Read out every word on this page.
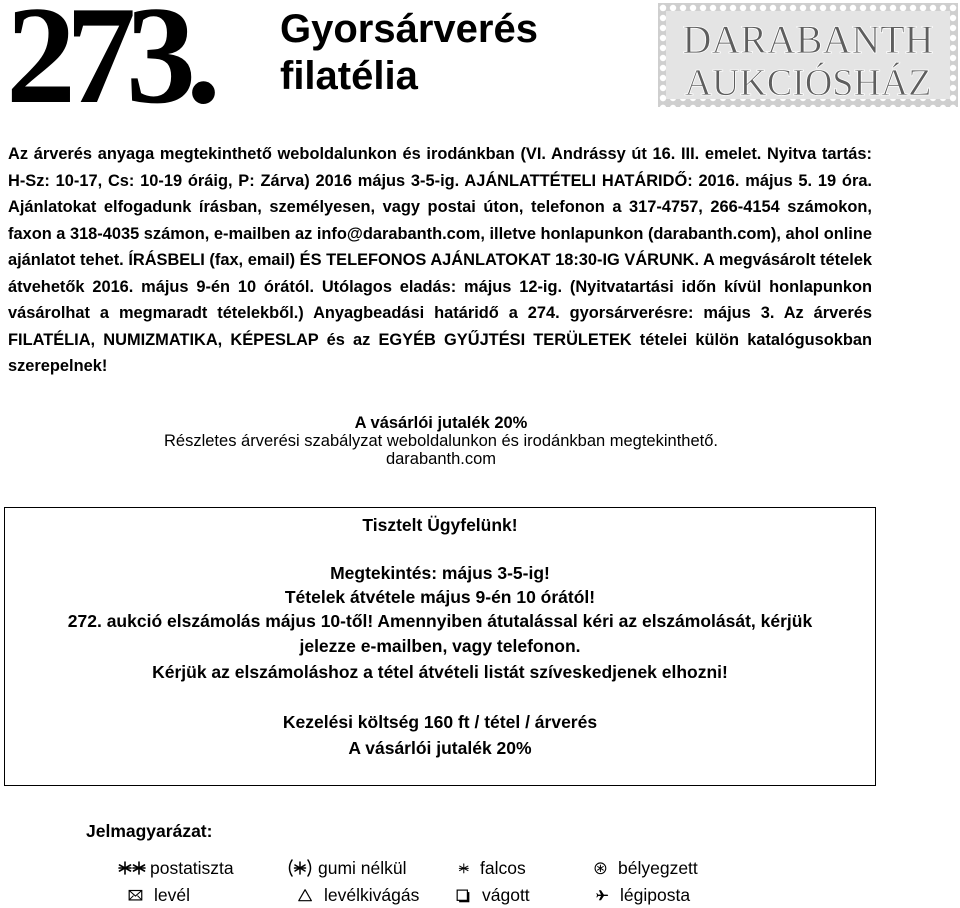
273. Gyorsárverés
filatélia
DARABANTH
AUKCIÓSHÁZ
Az árverés anyaga megtekinthető weboldalunkon és irodánkban (VI. Andrássy út 16. III. emelet. Nyitva tartás: H-Sz: 10-17, Cs: 10-19 óráig, P: Zárva) 2016 május 3-5-ig. AJÁNLATTÉTELI HATÁRIDŐ: 2016. május 5. 19 óra. Ajánlatokat elfogadunk írásban, személyesen, vagy postai úton, telefonon a 317-4757, 266-4154 számokon, faxon a 318-4035 számon, e-mailben az info@darabanth.com, illetve honlapunkon (darabanth.com), ahol online ajánlatot tehet. ÍRÁSBELI (fax, email) ÉS TELEFONOS AJÁNLATOKAT 18:30-IG VÁRUNK. A megvásárolt tételek átvehetők 2016. május 9-én 10 órától. Utólagos eladás: május 12-ig. (Nyitvatartási időn kívül honlapunkon vásárolhat a megmaradt tételekből.) Anyagbeadási határidő a 274. gyorsárverésre: május 3. Az árverés FILATÉLIA, NUMIZMATIKA, KÉPESLAP és az EGYÉB GYŰJTÉSI TERÜLETEK tételei külön katalógusokban szerepelnek!
A vásárlói jutalék 20%
Részletes árverési szabályzat weboldalunkon és irodánkban megtekinthető.
darabanth.com
Tisztelt Ügyfelünk!
Megtekintés: május 3-5-ig!
Tételek átvétele május 9-én 10 órától!
272. aukció elszámolás május 10-től! Amennyiben átutalással kéri az elszámolását, kérjük
jelezze e-mailben, vagy telefonon.
Kérjük az elszámoláshoz a tétel átvételi listát szíveskedjenek elhozni!
Kezelési költség 160 ft / tétel / árverés
A vásárlói jutalék 20%
Jelmagyarázat:
postatiszta	gumi nélkül	falcos	bélyegzett
levél	levélkivágás	vágott	légiposta
